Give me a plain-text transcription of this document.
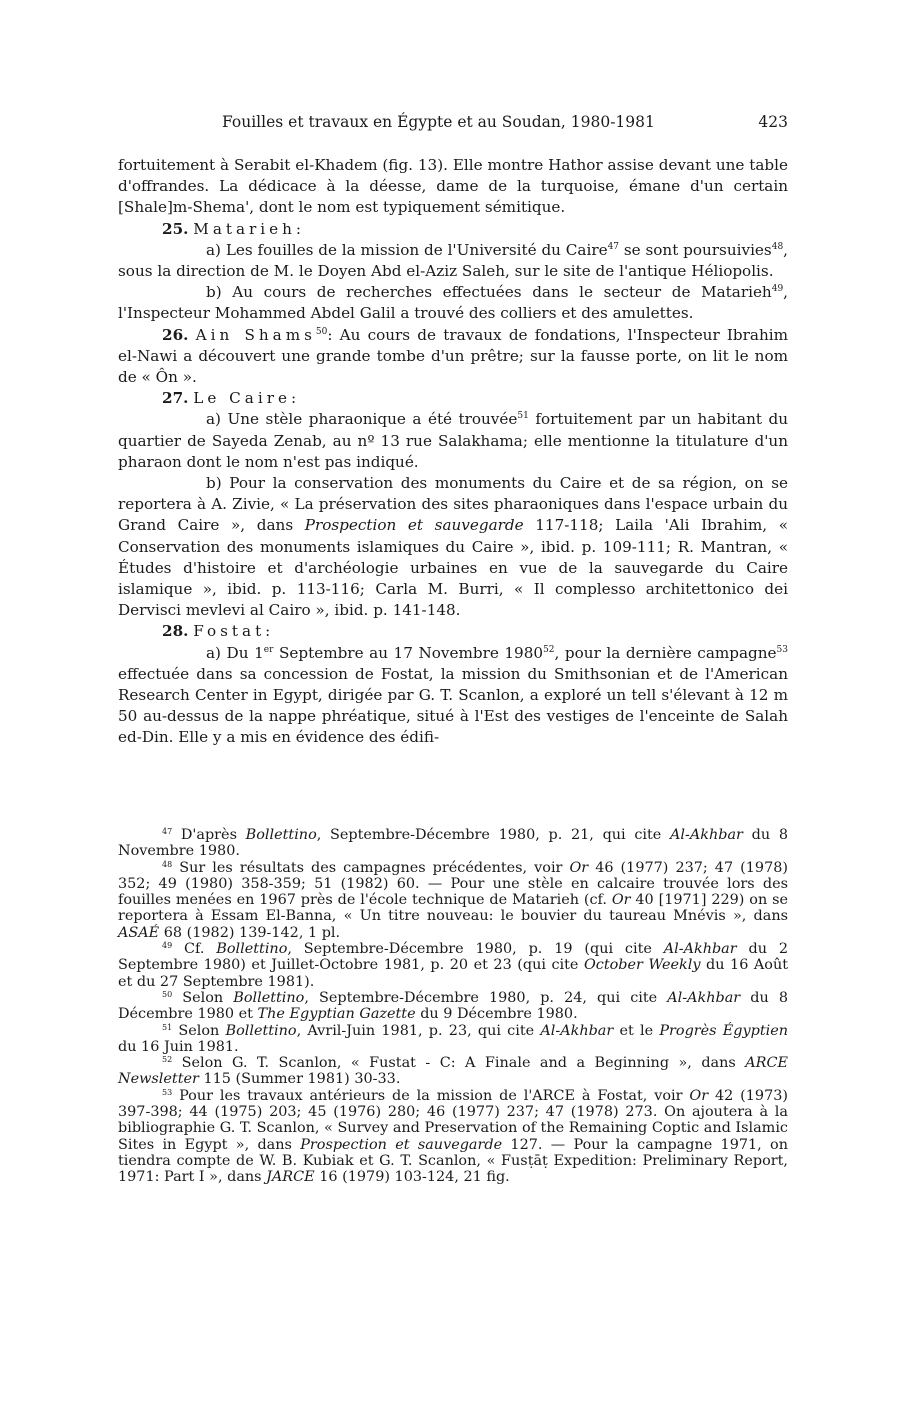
Fouilles et travaux en Égypte et au Soudan, 1980-1981	423

fortuitement à Serabit el-Khadem (fig. 13). Elle montre Hathor assise devant une table d'offrandes. La dédicace à la déesse, dame de la turquoise, émane d'un certain [Shale]m-Shema', dont le nom est typiquement sémitique.

25. Matarieh:

a) Les fouilles de la mission de l'Université du Caire$^{47}$ se sont poursuivies$^{48}$, sous la direction de M. le Doyen Abd el-Aziz Saleh, sur le site de l'antique Héliopolis.

b) Au cours de recherches effectuées dans le secteur de Matarieh$^{49}$, l'Inspecteur Mohammed Abdel Galil a trouvé des colliers et des amulettes.

26. Ain Shams$^{50}$: Au cours de travaux de fondations, l'Inspecteur Ibrahim el-Nawi a découvert une grande tombe d'un prêtre; sur la fausse porte, on lit le nom de « Ôn ».

27. Le Caire:

a) Une stèle pharaonique a été trouvée$^{51}$ fortuitement par un habitant du quartier de Sayeda Zenab, au nº 13 rue Salakhama; elle mentionne la titulature d'un pharaon dont le nom n'est pas indiqué.

b) Pour la conservation des monuments du Caire et de sa région, on se reportera à A. Zivie, « La préservation des sites pharaoniques dans l'espace urbain du Grand Caire », dans Prospection et sauvegarde 117-118; Laila 'Ali Ibrahim, « Conservation des monuments islamiques du Caire », ibid. p. 109-111; R. Mantran, « Études d'histoire et d'archéologie urbaines en vue de la sauvegarde du Caire islamique », ibid. p. 113-116; Carla M. Burri, « Il complesso architettonico dei Dervisci mevlevi al Cairo », ibid. p. 141-148.

28. Fostat:

a) Du 1er Septembre au 17 Novembre 1980$^{52}$, pour la dernière campagne$^{53}$ effectuée dans sa concession de Fostat, la mission du Smithsonian et de l'American Research Center in Egypt, dirigée par G. T. Scanlon, a exploré un tell s'élevant à 12 m 50 au-dessus de la nappe phréatique, situé à l'Est des vestiges de l'enceinte de Salah ed-Din. Elle y a mis en évidence des édifi-

$^{47}$ D'après Bollettino, Septembre-Décembre 1980, p. 21, qui cite Al-Akhbar du 8 Novembre 1980.

$^{48}$ Sur les résultats des campagnes précédentes, voir Or 46 (1977) 237; 47 (1978) 352; 49 (1980) 358-359; 51 (1982) 60. — Pour une stèle en calcaire trouvée lors des fouilles menées en 1967 près de l'école technique de Matarieh (cf. Or 40 [1971] 229) on se reportera à Essam El-Banna, « Un titre nouveau: le bouvier du taureau Mnévis », dans ASAÉ 68 (1982) 139-142, 1 pl.

$^{49}$ Cf. Bollettino, Septembre-Décembre 1980, p. 19 (qui cite Al-Akhbar du 2 Septembre 1980) et Juillet-Octobre 1981, p. 20 et 23 (qui cite October Weekly du 16 Août et du 27 Septembre 1981).

$^{50}$ Selon Bollettino, Septembre-Décembre 1980, p. 24, qui cite Al-Akhbar du 8 Décembre 1980 et The Egyptian Gazette du 9 Décembre 1980.

$^{51}$ Selon Bollettino, Avril-Juin 1981, p. 23, qui cite Al-Akhbar et le Progrès Égyptien du 16 Juin 1981.

$^{52}$ Selon G. T. Scanlon, « Fustat - C: A Finale and a Beginning », dans ARCE Newsletter 115 (Summer 1981) 30-33.

$^{53}$ Pour les travaux antérieurs de la mission de l'ARCE à Fostat, voir Or 42 (1973) 397-398; 44 (1975) 203; 45 (1976) 280; 46 (1977) 237; 47 (1978) 273. On ajoutera à la bibliographie G. T. Scanlon, « Survey and Preservation of the Remaining Coptic and Islamic Sites in Egypt », dans Prospection et sauvegarde 127. — Pour la campagne 1971, on tiendra compte de W. B. Kubiak et G. T. Scanlon, « Fusṭāṭ Expedition: Preliminary Report, 1971: Part I », dans JARCE 16 (1979) 103-124, 21 fig.
